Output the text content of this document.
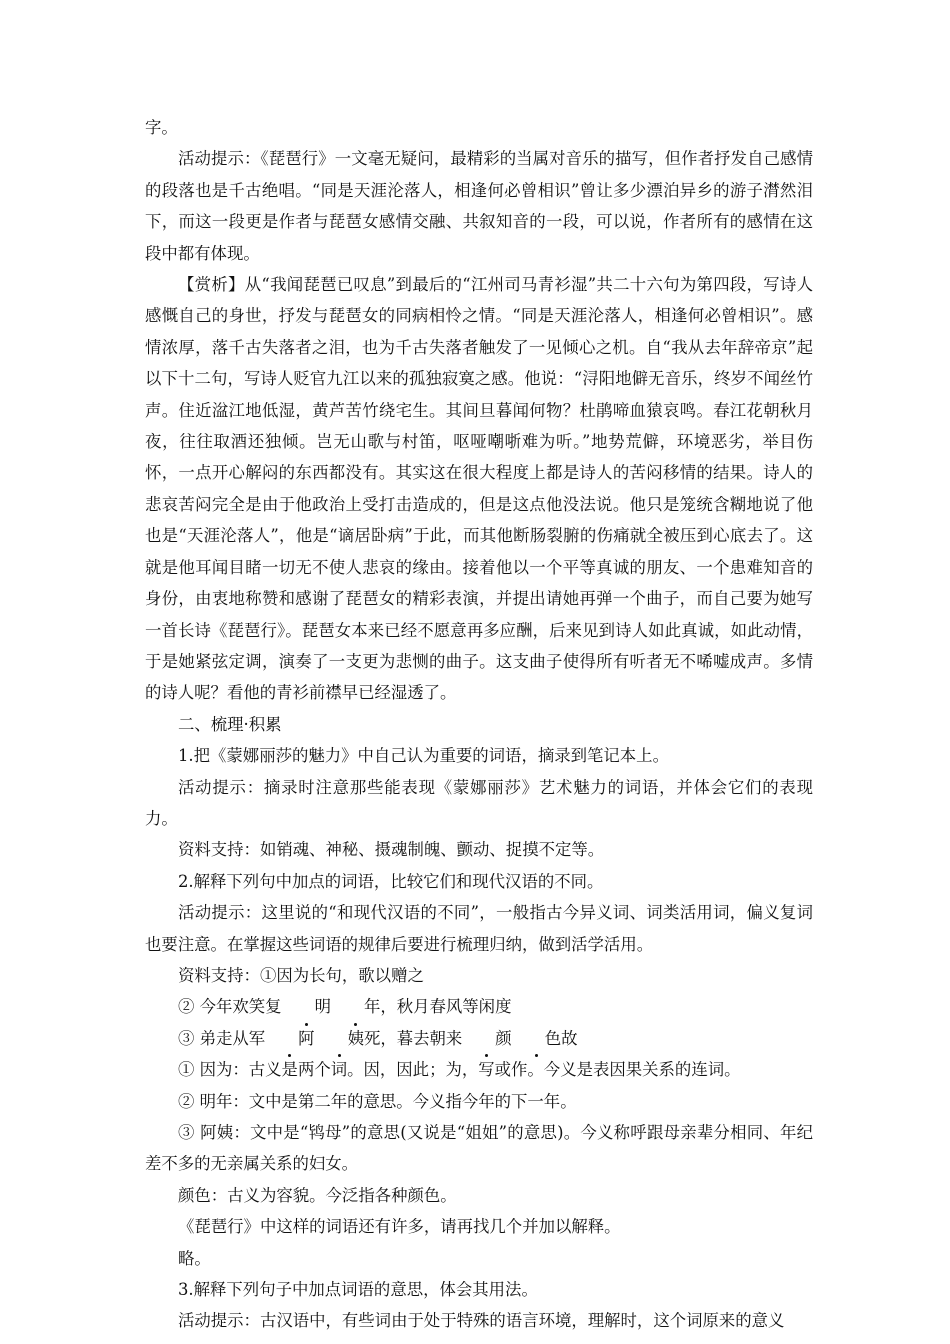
字。

活动提示：《琵琶行》一文毫无疑问，最精彩的当属对音乐的描写，但作者抒发自己感情的段落也是千古绝唱。“同是天涯沦落人，相逢何必曾相识”曾让多少漂泊异乡的游子潸然泪下，而这一段更是作者与琵琶女感情交融、共叙知音的一段，可以说，作者所有的感情在这段中都有体现。

【赏析】从“我闻琵琶已叹息”到最后的“江州司马青衫湿”共二十六句为第四段，写诗人感慨自己的身世，抒发与琵琶女的同病相怜之情。“同是天涯沦落人，相逢何必曾相识”。感情浓厚，落千古失落者之泪，也为千古失落者触发了一见倾心之机。自“我从去年辞帝京”起以下十二句，写诗人贬官九江以来的孤独寂寞之感。他说：“浔阳地僻无音乐，终岁不闻丝竹声。住近湓江地低湿，黄芦苦竹绕宅生。其间旦暮闻何物？杜鹃啼血猿哀鸣。春江花朝秋月夜，往往取酒还独倾。岂无山歌与村笛，呕哑嘲哳难为听。”地势荒僻，环境恶劣，举目伤怀，一点开心解闷的东西都没有。其实这在很大程度上都是诗人的苦闷移情的结果。诗人的悲哀苦闷完全是由于他政治上受打击造成的，但是这点他没法说。他只是笼统含糊地说了他也是“天涯沦落人”，他是“谪居卧病”于此，而其他断肠裂腑的伤痛就全被压到心底去了。这就是他耳闻目睹一切无不使人悲哀的缘由。接着他以一个平等真诚的朋友、一个患难知音的身份，由衷地称赞和感谢了琵琶女的精彩表演，并提出请她再弹一个曲子，而自己要为她写一首长诗《琵琶行》。琵琶女本来已经不愿意再多应酬，后来见到诗人如此真诚，如此动情，于是她紧弦定调，演奏了一支更为悲恻的曲子。这支曲子使得所有听者无不唏嘘成声。多情的诗人呢？看他的青衫前襟早已经湿透了。

二、梳理·积累

1.把《蒙娜丽莎的魅力》中自己认为重要的词语，摘录到笔记本上。

活动提示：摘录时注意那些能表现《蒙娜丽莎》艺术魅力的词语，并体会它们的表现力。

资料支持：如销魂、神秘、摄魂制魄、颤动、捉摸不定等。

2.解释下列句中加点的词语，比较它们和现代汉语的不同。

活动提示：这里说的“和现代汉语的不同”，一般指古今异义词、词类活用词，偏义复词也要注意。在掌握这些词语的规律后要进行梳理归纳，做到活学活用。

资料支持：①因为长句，歌以赠之

② 今年欢笑复 明 年
，秋月春风等闲度

③ 弟走从军 阿 姨
死，暮去朝来 颜 色
故

① 因为：古义是两个词。因，因此；为，写或作。今义是表因果关系的连词。

② 明年：文中是第二年的意思。今义指今年的下一年。

③ 阿姨：文中是“鸨母”的意思(又说是“姐姐”的意思)。今义称呼跟母亲辈分相同、年纪差不多的无亲属关系的妇女。

颜色：古义为容貌。今泛指各种颜色。

《琵琶行》中这样的词语还有许多，请再找几个并加以解释。

略。

3.解释下列句子中加点词语的意思，体会其用法。

活动提示：古汉语中，有些词由于处于特殊的语言环境，理解时，这个词原来的意义
